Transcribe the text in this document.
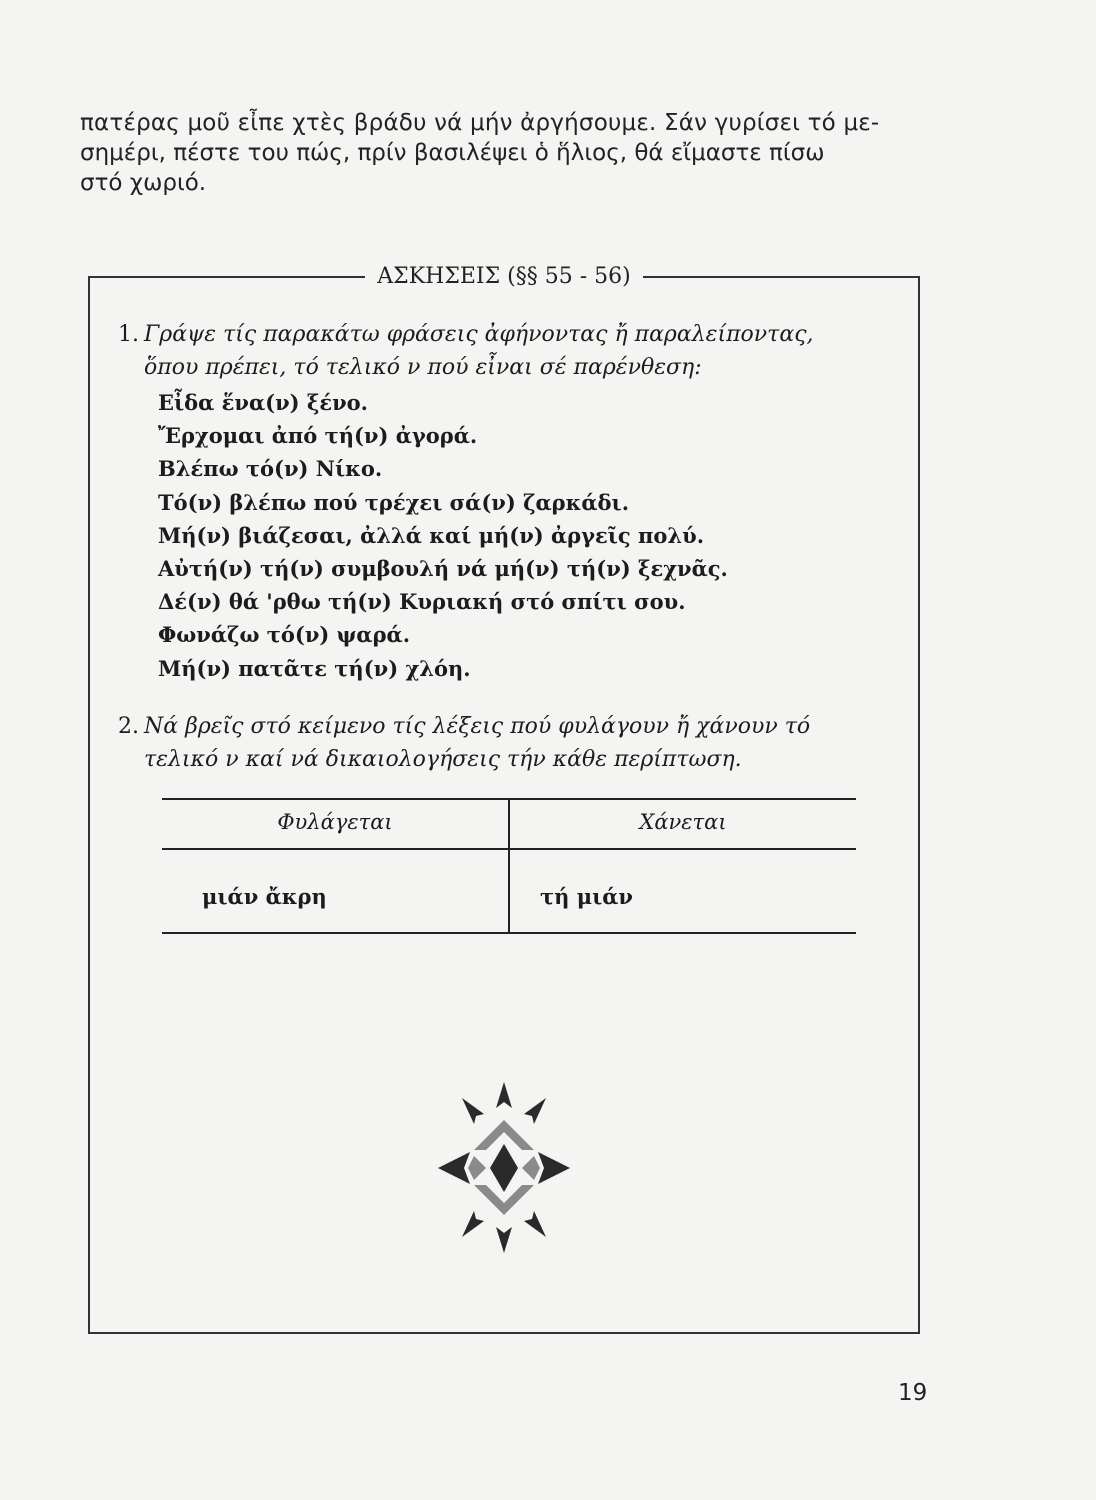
πατέρας μοῦ εἶπε χτὲς βράδυ νά μήν ἀργήσουμε. Σάν γυρίσει τό με-
σημέρι, πέστε του πώς, πρίν βασιλέψει ὁ ἥλιος, θά εἴμαστε πίσω
στό χωριό.
ΑΣΚΗΣΕΙΣ (§§ 55 - 56)
1. Γράψε τίς παρακάτω φράσεις ἀφήνοντας ἤ παραλείποντας,
ὅπου πρέπει, τό τελικό ν πού εἶναι σέ παρένθεση:
Εἶδα ἕνα(ν) ξένο.
Ἔρχομαι ἀπό τή(ν) ἀγορά.
Βλέπω τό(ν) Νίκο.
Τό(ν) βλέπω πού τρέχει σά(ν) ζαρκάδι.
Μή(ν) βιάζεσαι, ἀλλά καί μή(ν) ἀργεῖς πολύ.
Αὐτή(ν) τή(ν) συμβουλή νά μή(ν) τή(ν) ξεχνᾶς.
Δέ(ν) θά 'ρθω τή(ν) Κυριακή στό σπίτι σου.
Φωνάζω τό(ν) ψαρά.
Μή(ν) πατᾶτε τή(ν) χλόη.
2. Νά βρεῖς στό κείμενο τίς λέξεις πού φυλάγουν ἤ χάνουν τό
τελικό ν καί νά δικαιολογήσεις τήν κάθε περίπτωση.
Φυλάγεται	Χάνεται
μιάν ἄκρη	τή μιάν
19
